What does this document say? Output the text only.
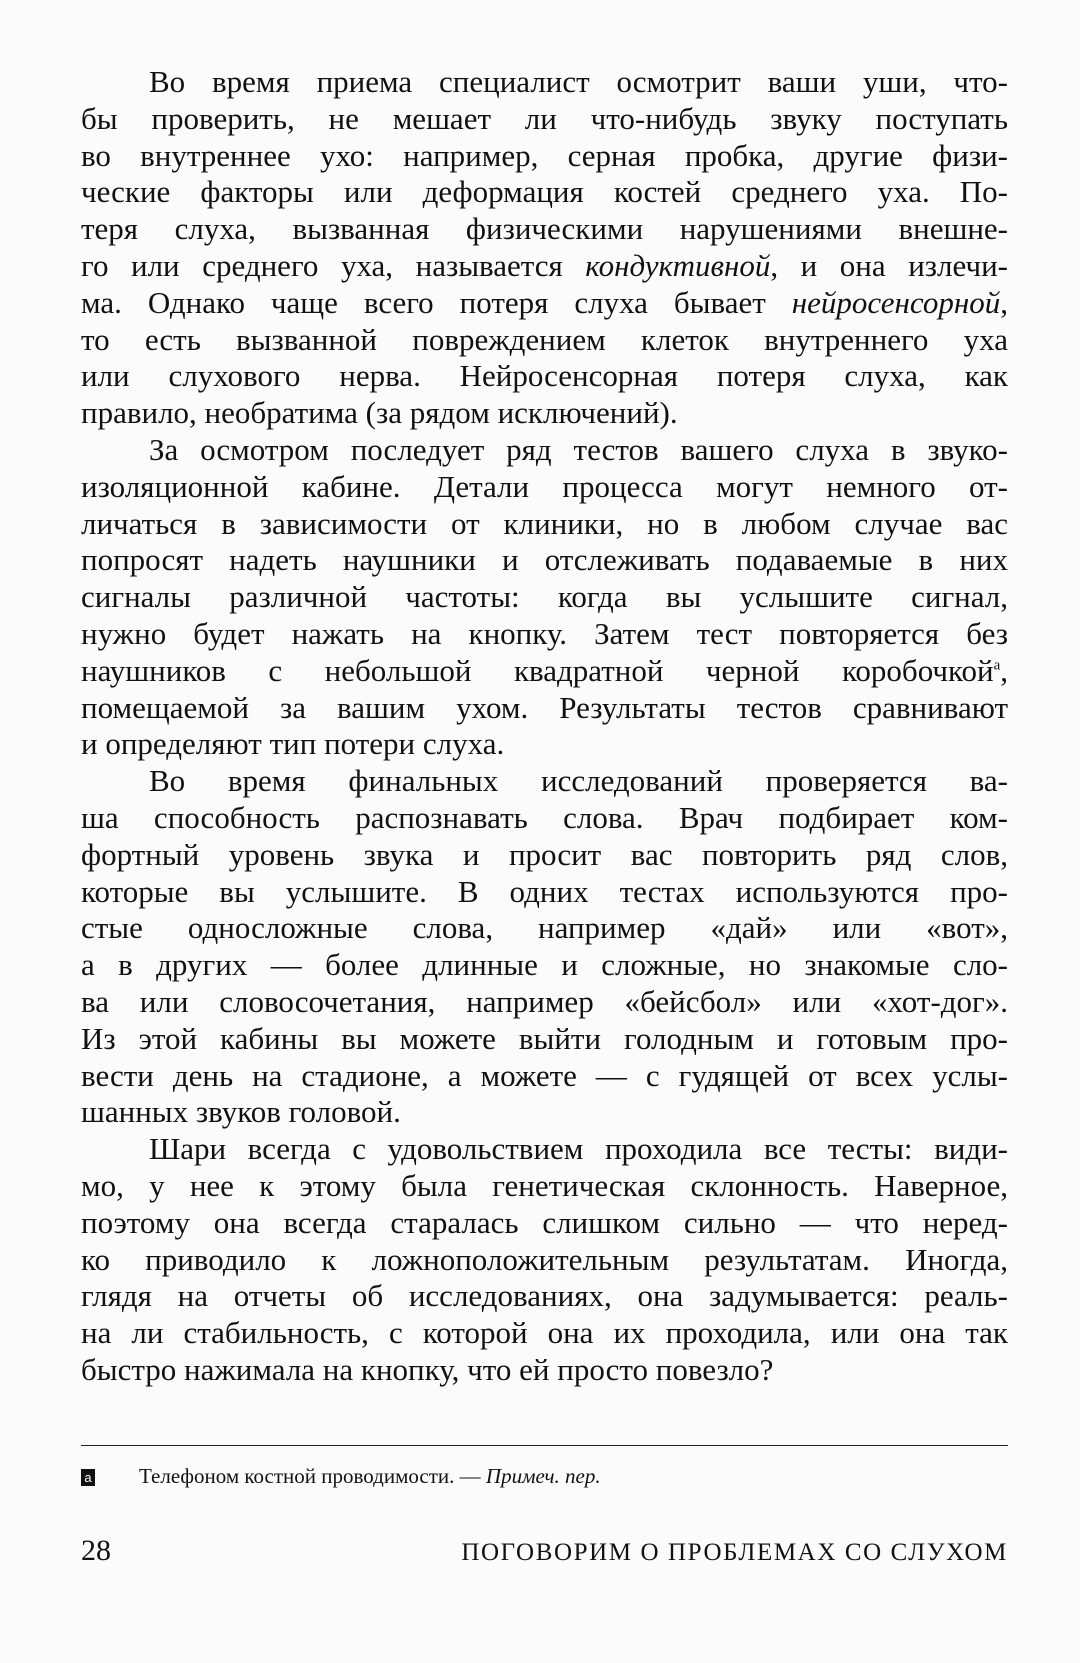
Во время приема специалист осмотрит ваши уши, что-
бы проверить, не мешает ли что-нибудь звуку поступать
во внутреннее ухо: например, серная пробка, другие физи-
ческие факторы или деформация костей среднего уха. По-
теря слуха, вызванная физическими нарушениями внешне-
го или среднего уха, называется кондуктивной, и она излечи-
ма. Однако чаще всего потеря слуха бывает нейросенсорной,
то есть вызванной повреждением клеток внутреннего уха
или слухового нерва. Нейросенсорная потеря слуха, как
правило, необратима (за рядом исключений).
За осмотром последует ряд тестов вашего слуха в звуко-
изоляционной кабине. Детали процесса могут немного от-
личаться в зависимости от клиники, но в любом случае вас
попросят надеть наушники и отслеживать подаваемые в них
сигналы различной частоты: когда вы услышите сигнал,
нужно будет нажать на кнопку. Затем тест повторяется без
наушников с небольшой квадратной черной коробочкой$^a$,
помещаемой за вашим ухом. Результаты тестов сравнивают
и определяют тип потери слуха.
Во время финальных исследований проверяется ва-
ша способность распознавать слова. Врач подбирает ком-
фортный уровень звука и просит вас повторить ряд слов,
которые вы услышите. В одних тестах используются про-
стые односложные слова, например «дай» или «вот»,
а в других — более длинные и сложные, но знакомые сло-
ва или словосочетания, например «бейсбол» или «хот-дог».
Из этой кабины вы можете выйти голодным и готовым про-
вести день на стадионе, а можете — с гудящей от всех услы-
шанных звуков головой.
Шари всегда с удовольствием проходила все тесты: види-
мо, у нее к этому была генетическая склонность. Наверное,
поэтому она всегда старалась слишком сильно — что неред-
ко приводило к ложноположительным результатам. Иногда,
глядя на отчеты об исследованиях, она задумывается: реаль-
на ли стабильность, с которой она их проходила, или она так
быстро нажимала на кнопку, что ей просто повезло?
a Телефоном костной проводимости. — Примеч. пер.
28	ПОГОВОРИМ О ПРОБЛЕМАХ СО СЛУХОМ
